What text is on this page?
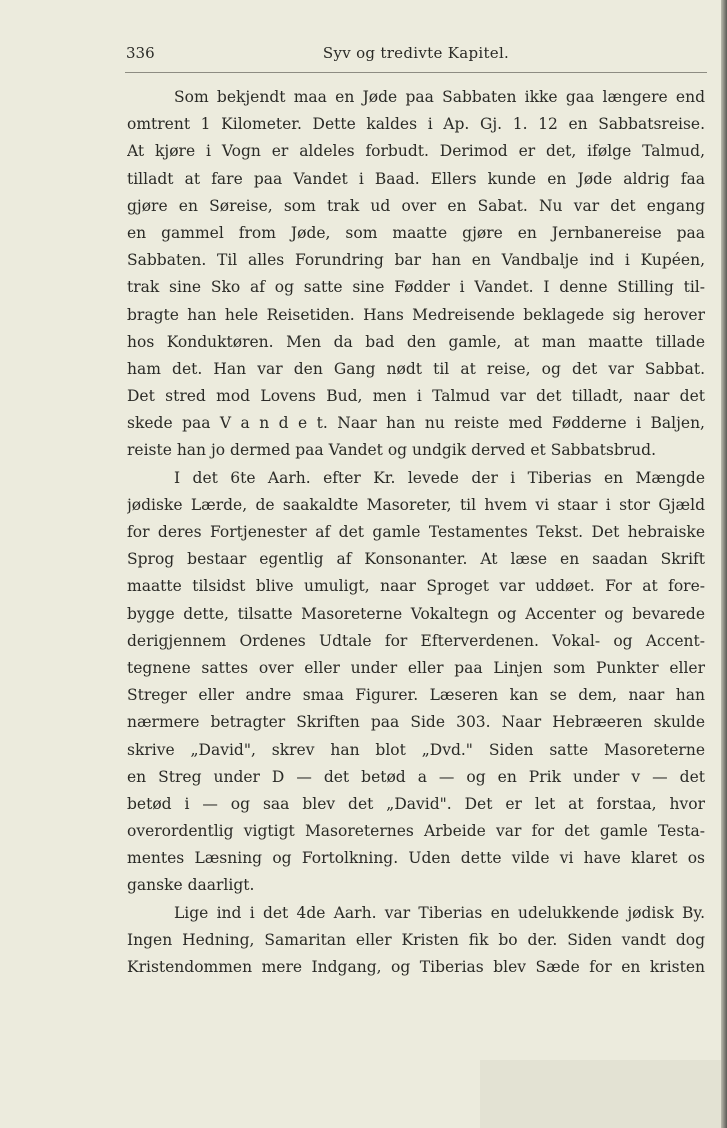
336	Syv og tredivte Kapitel.
Som bekjendt maa en Jøde paa Sabbaten ikke gaa længere end
omtrent 1 Kilometer. Dette kaldes i Ap. Gj. 1. 12 en Sabbatsreise.
At kjøre i Vogn er aldeles forbudt. Derimod er det, ifølge Talmud,
tilladt at fare paa Vandet i Baad. Ellers kunde en Jøde aldrig faa
gjøre en Søreise, som trak ud over en Sabat. Nu var det engang
en gammel from Jøde, som maatte gjøre en Jernbanereise paa
Sabbaten. Til alles Forundring bar han en Vandbalje ind i Kupéen,
trak sine Sko af og satte sine Fødder i Vandet. I denne Stilling til-
bragte han hele Reisetiden. Hans Medreisende beklagede sig herover
hos Konduktøren. Men da bad den gamle, at man maatte tillade
ham det. Han var den Gang nødt til at reise, og det var Sabbat.
Det stred mod Lovens Bud, men i Talmud var det tilladt, naar det
skede paa V a n d e t. Naar han nu reiste med Fødderne i Baljen,
reiste han jo dermed paa Vandet og undgik derved et Sabbatsbrud.
I det 6te Aarh. efter Kr. levede der i Tiberias en Mængde
jødiske Lærde, de saakaldte Masoreter, til hvem vi staar i stor Gjæld
for deres Fortjenester af det gamle Testamentes Tekst. Det hebraiske
Sprog bestaar egentlig af Konsonanter. At læse en saadan Skrift
maatte tilsidst blive umuligt, naar Sproget var uddøet. For at fore-
bygge dette, tilsatte Masoreterne Vokaltegn og Accenter og bevarede
derigjennem Ordenes Udtale for Efterverdenen. Vokal- og Accent-
tegnene sattes over eller under eller paa Linjen som Punkter eller
Streger eller andre smaa Figurer. Læseren kan se dem, naar han
nærmere betragter Skriften paa Side 303. Naar Hebræeren skulde
skrive „David", skrev han blot „Dvd." Siden satte Masoreterne
en Streg under D — det betød a — og en Prik under v — det
betød i — og saa blev det „David". Det er let at forstaa, hvor
overordentlig vigtigt Masoreternes Arbeide var for det gamle Testa-
mentes Læsning og Fortolkning. Uden dette vilde vi have klaret os
ganske daarligt.
Lige ind i det 4de Aarh. var Tiberias en udelukkende jødisk By.
Ingen Hedning, Samaritan eller Kristen fik bo der. Siden vandt dog
Kristendommen mere Indgang, og Tiberias blev Sæde for en kristen
